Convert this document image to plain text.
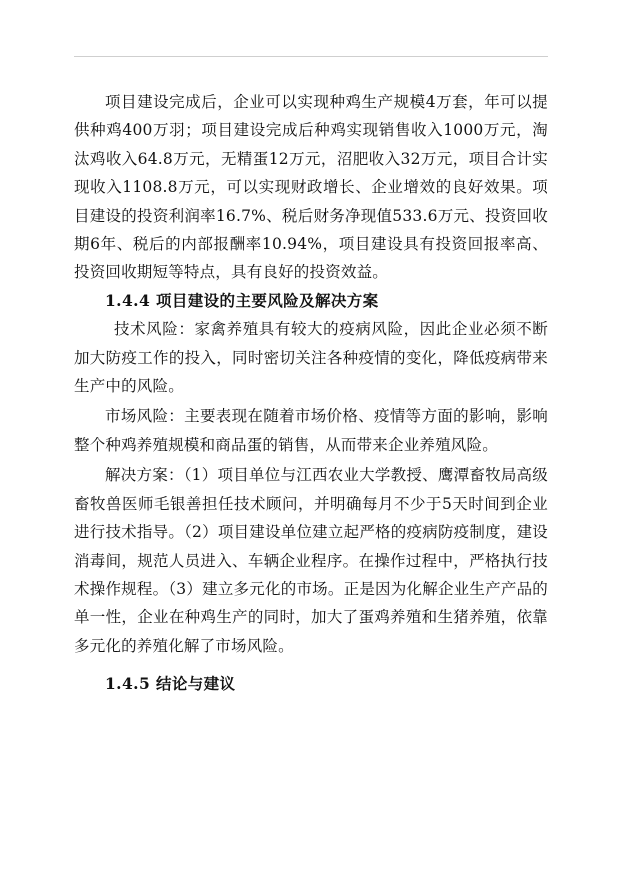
项目建设完成后，企业可以实现种鸡生产规模4万套，年可以提供种鸡400万羽；项目建设完成后种鸡实现销售收入1000万元，淘汰鸡收入64.8万元，无精蛋12万元，沼肥收入32万元，项目合计实现收入1108.8万元，可以实现财政增长、企业增效的良好效果。项目建设的投资利润率16.7%、税后财务净现值533.6万元、投资回收期6年、税后的内部报酬率10.94%，项目建设具有投资回报率高、投资回收期短等特点，具有良好的投资效益。

1.4.4 项目建设的主要风险及解决方案

技术风险：家禽养殖具有较大的疫病风险，因此企业必须不断加大防疫工作的投入，同时密切关注各种疫情的变化，降低疫病带来生产中的风险。

市场风险：主要表现在随着市场价格、疫情等方面的影响，影响整个种鸡养殖规模和商品蛋的销售，从而带来企业养殖风险。

解决方案：（1）项目单位与江西农业大学教授、鹰潭畜牧局高级畜牧兽医师毛银善担任技术顾问，并明确每月不少于5天时间到企业进行技术指导。（2）项目建设单位建立起严格的疫病防疫制度，建设消毒间，规范人员进入、车辆企业程序。在操作过程中，严格执行技术操作规程。（3）建立多元化的市场。正是因为化解企业生产产品的单一性，企业在种鸡生产的同时，加大了蛋鸡养殖和生猪养殖，依靠多元化的养殖化解了市场风险。

1.4.5 结论与建议
